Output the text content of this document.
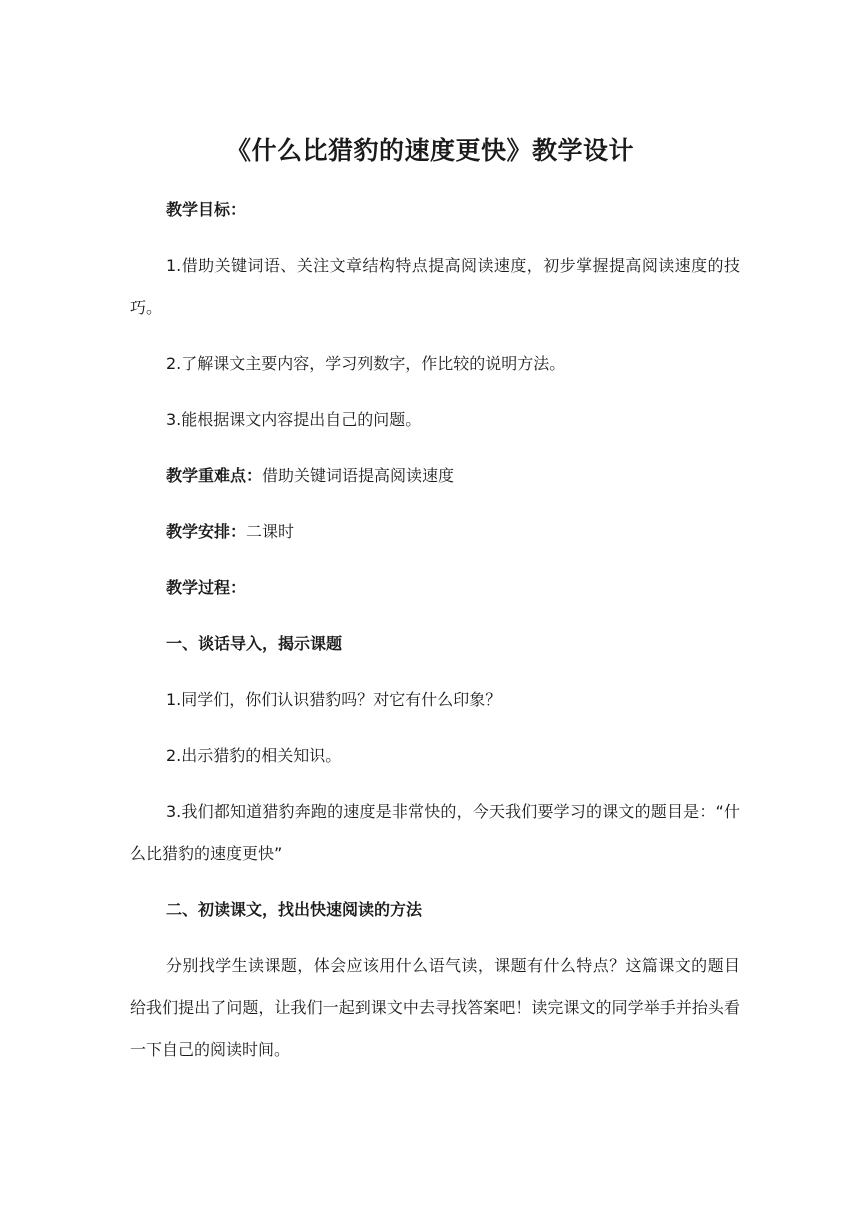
《什么比猎豹的速度更快》教学设计

教学目标：

1.借助关键词语、关注文章结构特点提高阅读速度，初步掌握提高阅读速度的技巧。

2.了解课文主要内容，学习列数字，作比较的说明方法。

3.能根据课文内容提出自己的问题。

教学重难点：借助关键词语提高阅读速度

教学安排：二课时

教学过程：

一、谈话导入，揭示课题

1.同学们，你们认识猎豹吗？对它有什么印象？

2.出示猎豹的相关知识。

3.我们都知道猎豹奔跑的速度是非常快的，今天我们要学习的课文的题目是：“什么比猎豹的速度更快”

二、初读课文，找出快速阅读的方法

分别找学生读课题，体会应该用什么语气读，课题有什么特点？这篇课文的题目给我们提出了问题，让我们一起到课文中去寻找答案吧！读完课文的同学举手并抬头看一下自己的阅读时间。
